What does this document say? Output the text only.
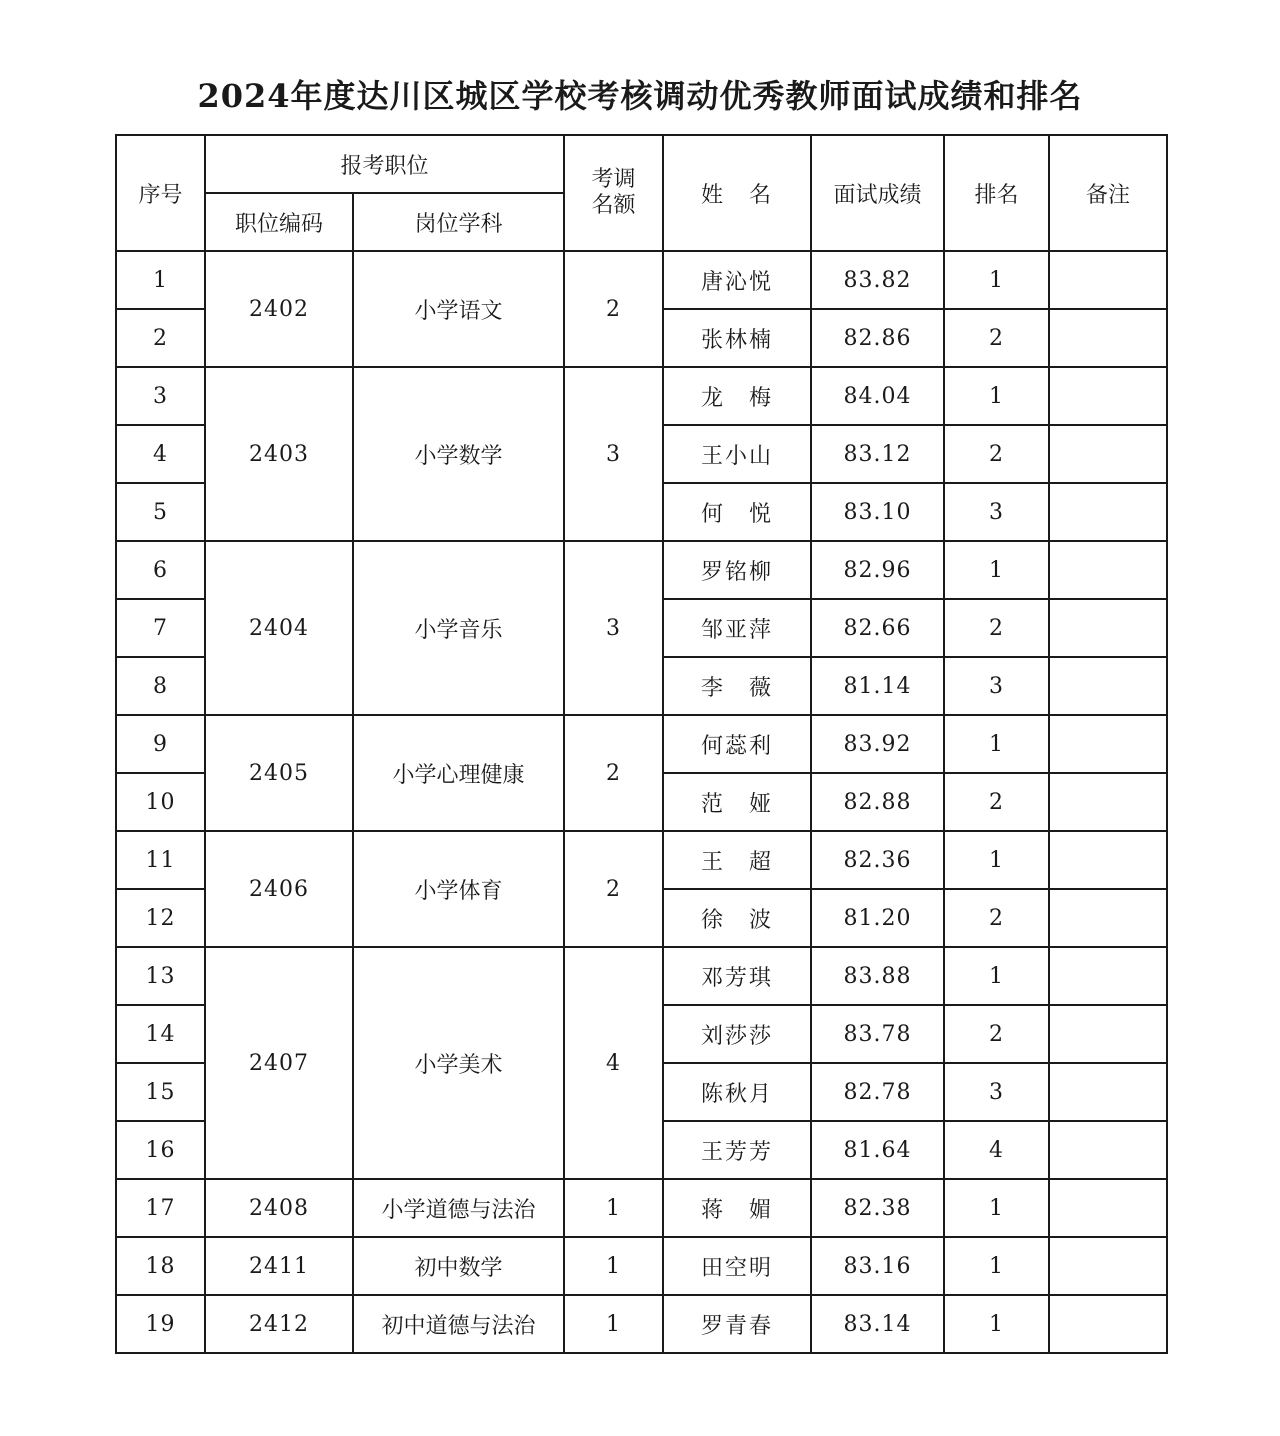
2024年度达川区城区学校考核调动优秀教师面试成绩和排名
序号	报考职位		考调
名额	姓　名	面试成绩	排名	备注
	职位编码	岗位学科					
1	2402	小学语文	2	唐沁悦	83.82	1	
2				张林楠	82.86	2	
3	2403	小学数学	3	龙　梅	84.04	1	
4				王小山	83.12	2	
5				何　悦	83.10	3	
6	2404	小学音乐	3	罗铭柳	82.96	1	
7				邹亚萍	82.66	2	
8				李　薇	81.14	3	
9	2405	小学心理健康	2	何蕊利	83.92	1	
10				范　娅	82.88	2	
11	2406	小学体育	2	王　超	82.36	1	
12				徐　波	81.20	2	
13	2407	小学美术	4	邓芳琪	83.88	1	
14				刘莎莎	83.78	2	
15				陈秋月	82.78	3	
16				王芳芳	81.64	4	
17	2408	小学道德与法治	1	蒋　媚	82.38	1	
18	2411	初中数学	1	田空明	83.16	1	
19	2412	初中道德与法治	1	罗青春	83.14	1	
